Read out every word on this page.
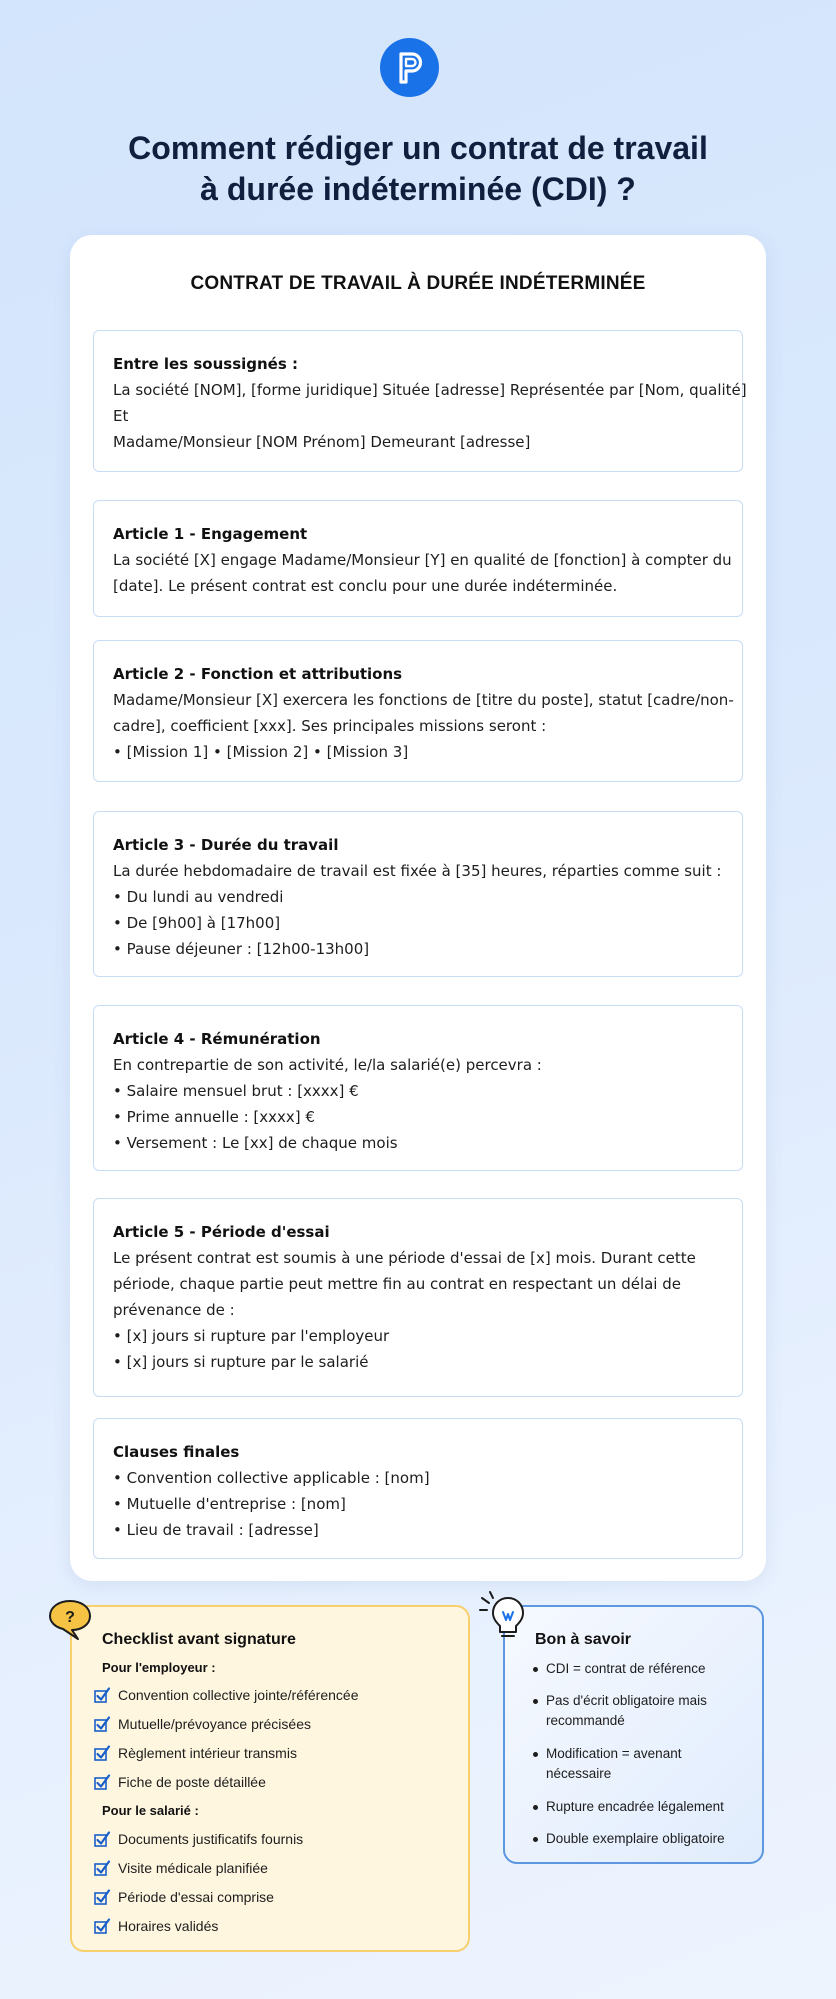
Comment rédiger un contrat de travail
à durée indéterminée (CDI) ?
CONTRAT DE TRAVAIL À DURÉE INDÉTERMINÉE
Entre les soussignés :
La société [NOM], [forme juridique] Située [adresse] Représentée par [Nom, qualité]
Et
Madame/Monsieur [NOM Prénom] Demeurant [adresse]
Article 1 - Engagement
La société [X] engage Madame/Monsieur [Y] en qualité de [fonction] à compter du
[date]. Le présent contrat est conclu pour une durée indéterminée.
Article 2 - Fonction et attributions
Madame/Monsieur [X] exercera les fonctions de [titre du poste], statut [cadre/non-
cadre], coefficient [xxx]. Ses principales missions seront :
• [Mission 1] • [Mission 2] • [Mission 3]
Article 3 - Durée du travail
La durée hebdomadaire de travail est fixée à [35] heures, réparties comme suit :
• Du lundi au vendredi
• De [9h00] à [17h00]
• Pause déjeuner : [12h00-13h00]
Article 4 - Rémunération
En contrepartie de son activité, le/la salarié(e) percevra :
• Salaire mensuel brut : [xxxx] €
• Prime annuelle : [xxxx] €
• Versement : Le [xx] de chaque mois
Article 5 - Période d'essai
Le présent contrat est soumis à une période d'essai de [x] mois. Durant cette
période, chaque partie peut mettre fin au contrat en respectant un délai de
prévenance de :
• [x] jours si rupture par l'employeur
• [x] jours si rupture par le salarié
Clauses finales
• Convention collective applicable : [nom]
• Mutuelle d'entreprise : [nom]
• Lieu de travail : [adresse]
Checklist avant signature
Pour l'employeur :
Convention collective jointe/référencée
Mutuelle/prévoyance précisées
Règlement intérieur transmis
Fiche de poste détaillée
Pour le salarié :
Documents justificatifs fournis
Visite médicale planifiée
Période d'essai comprise
Horaires validés
?
Bon à savoir
CDI = contrat de référence
Pas d'écrit obligatoire mais recommandé
Modification = avenant nécessaire
Rupture encadrée légalement
Double exemplaire obligatoire
